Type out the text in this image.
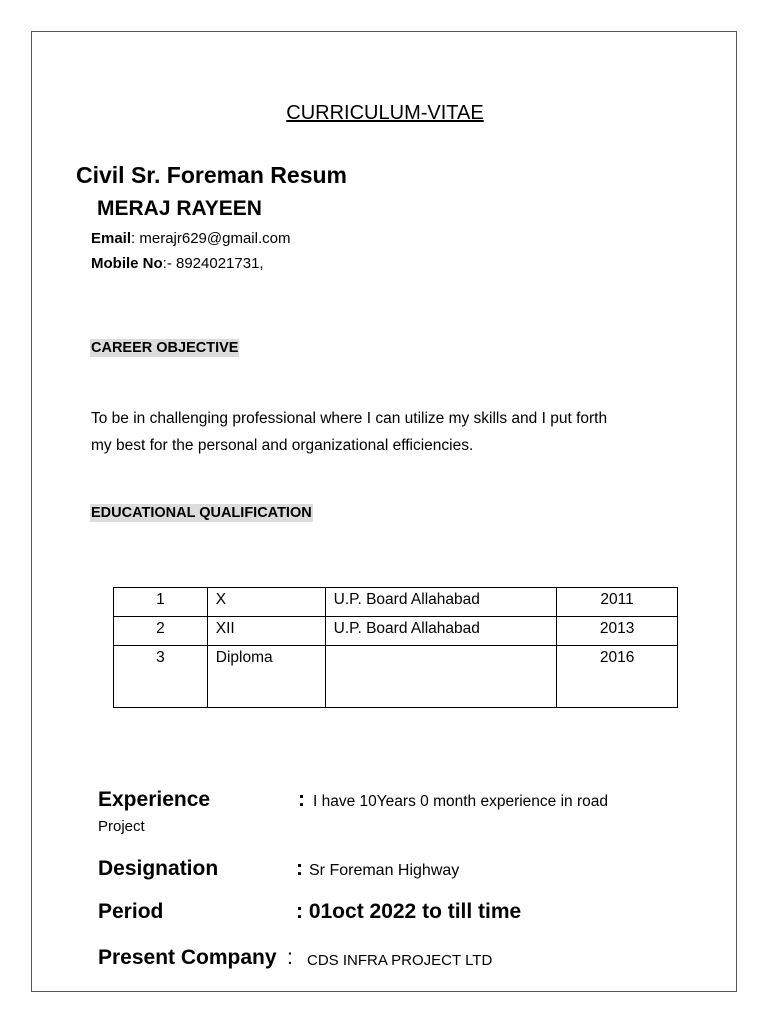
CURRICULUM-VITAE
Civil Sr. Foreman Resum
MERAJ RAYEEN
Email: merajr629@gmail.com
Mobile No:- 8924021731,
CAREER OBJECTIVE
To be in challenging professional where I can utilize my skills and I put forth
my best for the personal and organizational efficiencies.
EDUCATIONAL QUALIFICATION
1	X	U.P. Board Allahabad	2011
2	XII	U.P. Board Allahabad	2013
3	Diploma		2016
Experience	: I have 10Years 0 month experience in road
Project
Designation	: Sr Foreman Highway
Period	: 01oct 2022 to till time
Present Company : CDS INFRA PROJECT LTD
